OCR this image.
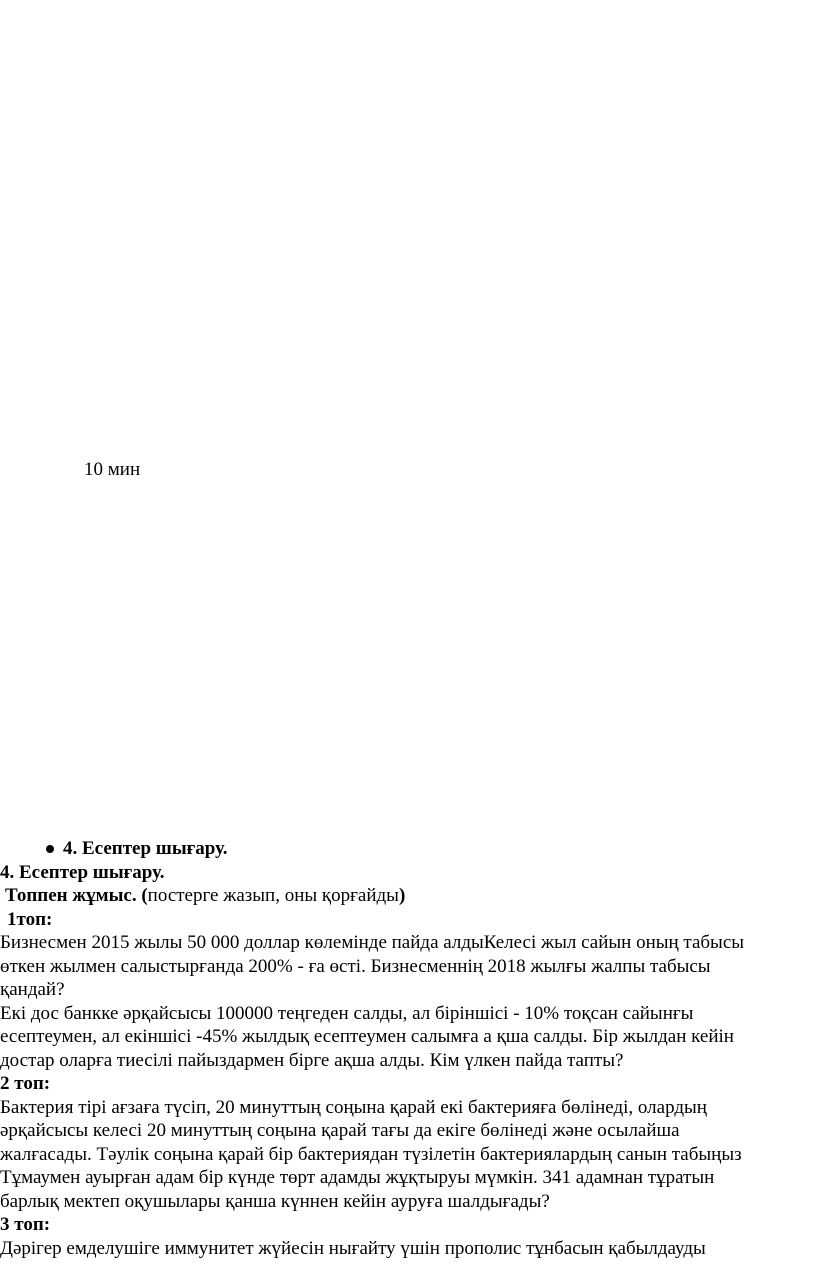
10 мин
4. Есептер шығару.
4. Есептер шығару.
Топпен жұмыс. (постерге жазып, оны қорғайды)
1топ:
Бизнесмен 2015 жылы 50 000 доллар көлемінде пайда алдыКелесі жыл сайын оның табысы
өткен жылмен салыстырғанда 200% - ға өсті. Бизнесменнің 2018 жылғы жалпы табысы
қандай?
Екі дос банкке әрқайсысы 100000 теңгеден салды, ал біріншісі - 10% тоқсан сайынғы
есептеумен, ал екіншісі -45% жылдық есептеумен салымға а қша салды. Бір жылдан кейін
достар оларға тиесілі пайыздармен бірге ақша алды. Кім үлкен пайда тапты?
2 топ:
Бактерия тірі ағзаға түсіп, 20 минуттың соңына қарай екі бактерияға бөлінеді, олардың
әрқайсысы келесі 20 минуттың соңына қарай тағы да екіге бөлінеді және осылайша
жалғасады. Тәулік соңына қарай бір бактериядан түзілетін бактериялардың санын табыңыз
Тұмаумен ауырған адам бір күнде төрт адамды жұқтыруы мүмкін. 341 адамнан тұратын
барлық мектеп оқушылары қанша күннен кейін ауруға шалдығады?
3 топ:
Дәрігер емделушіге иммунитет жүйесін нығайту үшін прополис тұнбасын қабылдауды
